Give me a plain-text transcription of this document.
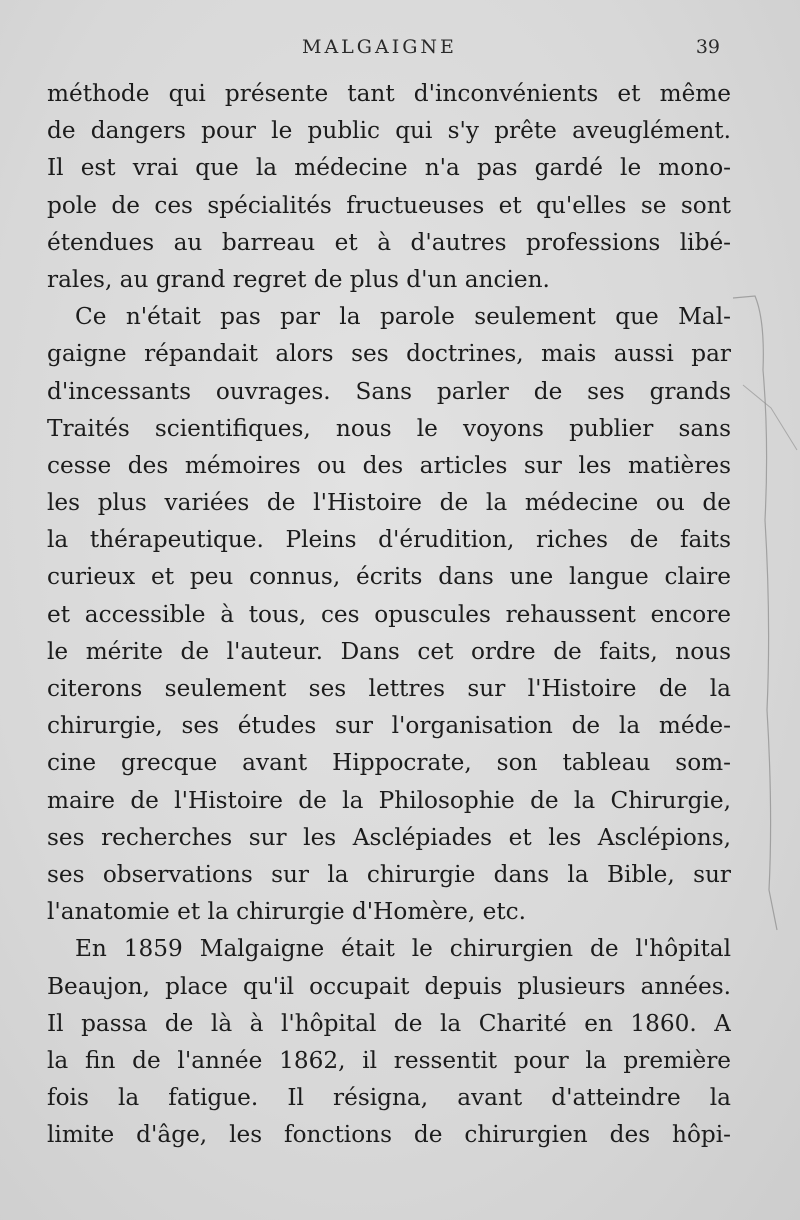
MALGAIGNE	39
méthode qui présente tant d'inconvénients et même
de dangers pour le public qui s'y prête aveuglément.
Il est vrai que la médecine n'a pas gardé le mono-
pole de ces spécialités fructueuses et qu'elles se sont
étendues au barreau et à d'autres professions libé-
rales, au grand regret de plus d'un ancien.
Ce n'était pas par la parole seulement que Mal-
gaigne répandait alors ses doctrines, mais aussi par
d'incessants ouvrages. Sans parler de ses grands
Traités scientifiques, nous le voyons publier sans
cesse des mémoires ou des articles sur les matières
les plus variées de l'Histoire de la médecine ou de
la thérapeutique. Pleins d'érudition, riches de faits
curieux et peu connus, écrits dans une langue claire
et accessible à tous, ces opuscules rehaussent encore
le mérite de l'auteur. Dans cet ordre de faits, nous
citerons seulement ses lettres sur l'Histoire de la
chirurgie, ses études sur l'organisation de la méde-
cine grecque avant Hippocrate, son tableau som-
maire de l'Histoire de la Philosophie de la Chirurgie,
ses recherches sur les Asclépiades et les Asclépions,
ses observations sur la chirurgie dans la Bible, sur
l'anatomie et la chirurgie d'Homère, etc.
En 1859 Malgaigne était le chirurgien de l'hôpital
Beaujon, place qu'il occupait depuis plusieurs années.
Il passa de là à l'hôpital de la Charité en 1860. A
la fin de l'année 1862, il ressentit pour la première
fois la fatigue. Il résigna, avant d'atteindre la
limite d'âge, les fonctions de chirurgien des hôpi-
